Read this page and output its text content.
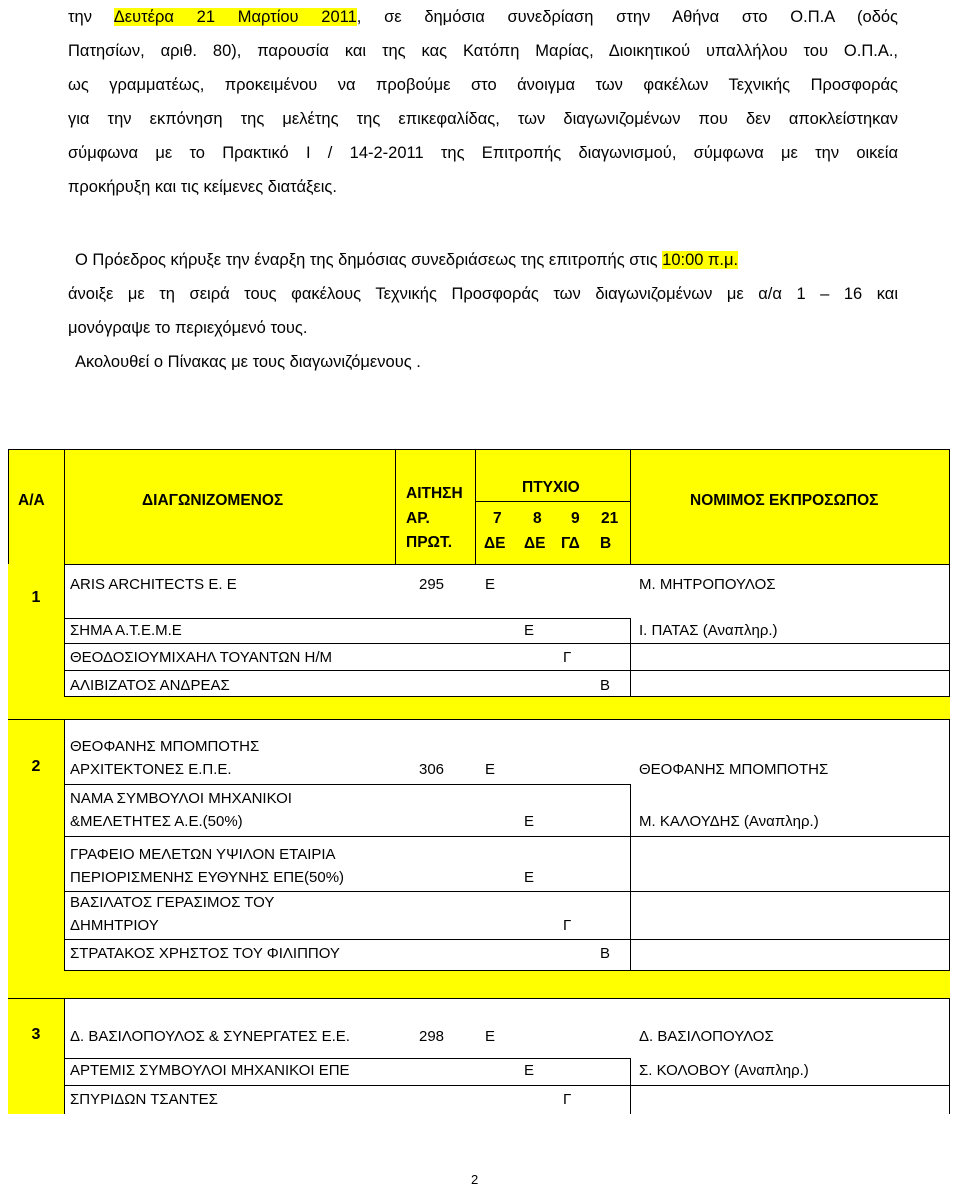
την Δευτέρα 21 Μαρτίου 2011, σε δημόσια συνεδρίαση στην Αθήνα στο Ο.Π.Α (οδός
Πατησίων, αριθ. 80), παρουσία και της κας Κατόπη Μαρίας, Διοικητικού υπαλλήλου του Ο.Π.Α.,
ως γραμματέως, προκειμένου να προβούμε στο άνοιγμα των φακέλων Τεχνικής Προσφοράς
για την εκπόνηση της μελέτης της επικεφαλίδας, των διαγωνιζομένων που δεν αποκλείστηκαν
σύμφωνα με το Πρακτικό Ι / 14-2-2011 της Επιτροπής διαγωνισμού, σύμφωνα με την οικεία
προκήρυξη και τις κείμενες διατάξεις.
Ο Πρόεδρος κήρυξε την έναρξη της δημόσιας συνεδριάσεως της επιτροπής στις 10:00 π.μ.
άνοιξε με τη σειρά τους φακέλους Τεχνικής Προσφοράς των διαγωνιζομένων με α/α 1 – 16 και
μονόγραψε το περιεχόμενό τους.
Ακολουθεί ο Πίνακας με τους διαγωνιζόμενους .
Α/Α	ΔΙΑΓΩΝΙΖΟΜΕΝΟΣ	ΑΙΤΗΣΗ
ΑΡ.
ΠΡΩΤ.
ΠΤΥΧΙΟ
7 8 9 21
ΔΕ ΔΕ ΓΔ Β
ΝΟΜΙΜΟΣ ΕΚΠΡΟΣΩΠΟΣ
1
ARIS ARCHITECTS Ε. Ε	295	Ε	Μ. ΜΗΤΡΟΠΟΥΛΟΣ
ΣΗΜΑ Α.Τ.Ε.Μ.Ε	Ε	Ι. ΠΑΤΑΣ (Αναπληρ.)
ΘΕΟΔΟΣΙΟΥΜΙΧΑΗΛ ΤΟΥΑΝΤΩΝ Η/Μ	Γ
ΑΛΙΒΙΖΑΤΟΣ ΑΝΔΡΕΑΣ	Β
2
ΘΕΟΦΑΝΗΣ ΜΠΟΜΠΟΤΗΣ
ΑΡΧΙΤΕΚΤΟΝΕΣ Ε.Π.Ε.	306	Ε	ΘΕΟΦΑΝΗΣ ΜΠΟΜΠΟΤΗΣ
ΝΑΜΑ ΣΥΜΒΟΥΛΟΙ ΜΗΧΑΝΙΚΟΙ
&ΜΕΛΕΤΗΤΕΣ Α.Ε.(50%)	Ε	Μ. ΚΑΛΟΥΔΗΣ (Αναπληρ.)
ΓΡΑΦΕΙΟ ΜΕΛΕΤΩΝ ΥΨΙΛΟΝ ΕΤΑΙΡΙΑ
ΠΕΡΙΟΡΙΣΜΕΝΗΣ ΕΥΘΥΝΗΣ ΕΠΕ(50%)	Ε
ΒΑΣΙΛΑΤΟΣ ΓΕΡΑΣΙΜΟΣ ΤΟΥ
ΔΗΜΗΤΡΙΟΥ	Γ
ΣΤΡΑΤΑΚΟΣ ΧΡΗΣΤΟΣ ΤΟΥ ΦΙΛΙΠΠΟΥ	Β
3	Δ. ΒΑΣΙΛΟΠΟΥΛΟΣ & ΣΥΝΕΡΓΑΤΕΣ Ε.Ε.	298	Ε	Δ. ΒΑΣΙΛΟΠΟΥΛΟΣ
ΑΡΤΕΜΙΣ ΣΥΜΒΟΥΛΟΙ ΜΗΧΑΝΙΚΟΙ ΕΠΕ	Ε	Σ. ΚΟΛΟΒΟΥ (Αναπληρ.)
ΣΠΥΡΙΔΩΝ ΤΣΑΝΤΕΣ	Γ
2
